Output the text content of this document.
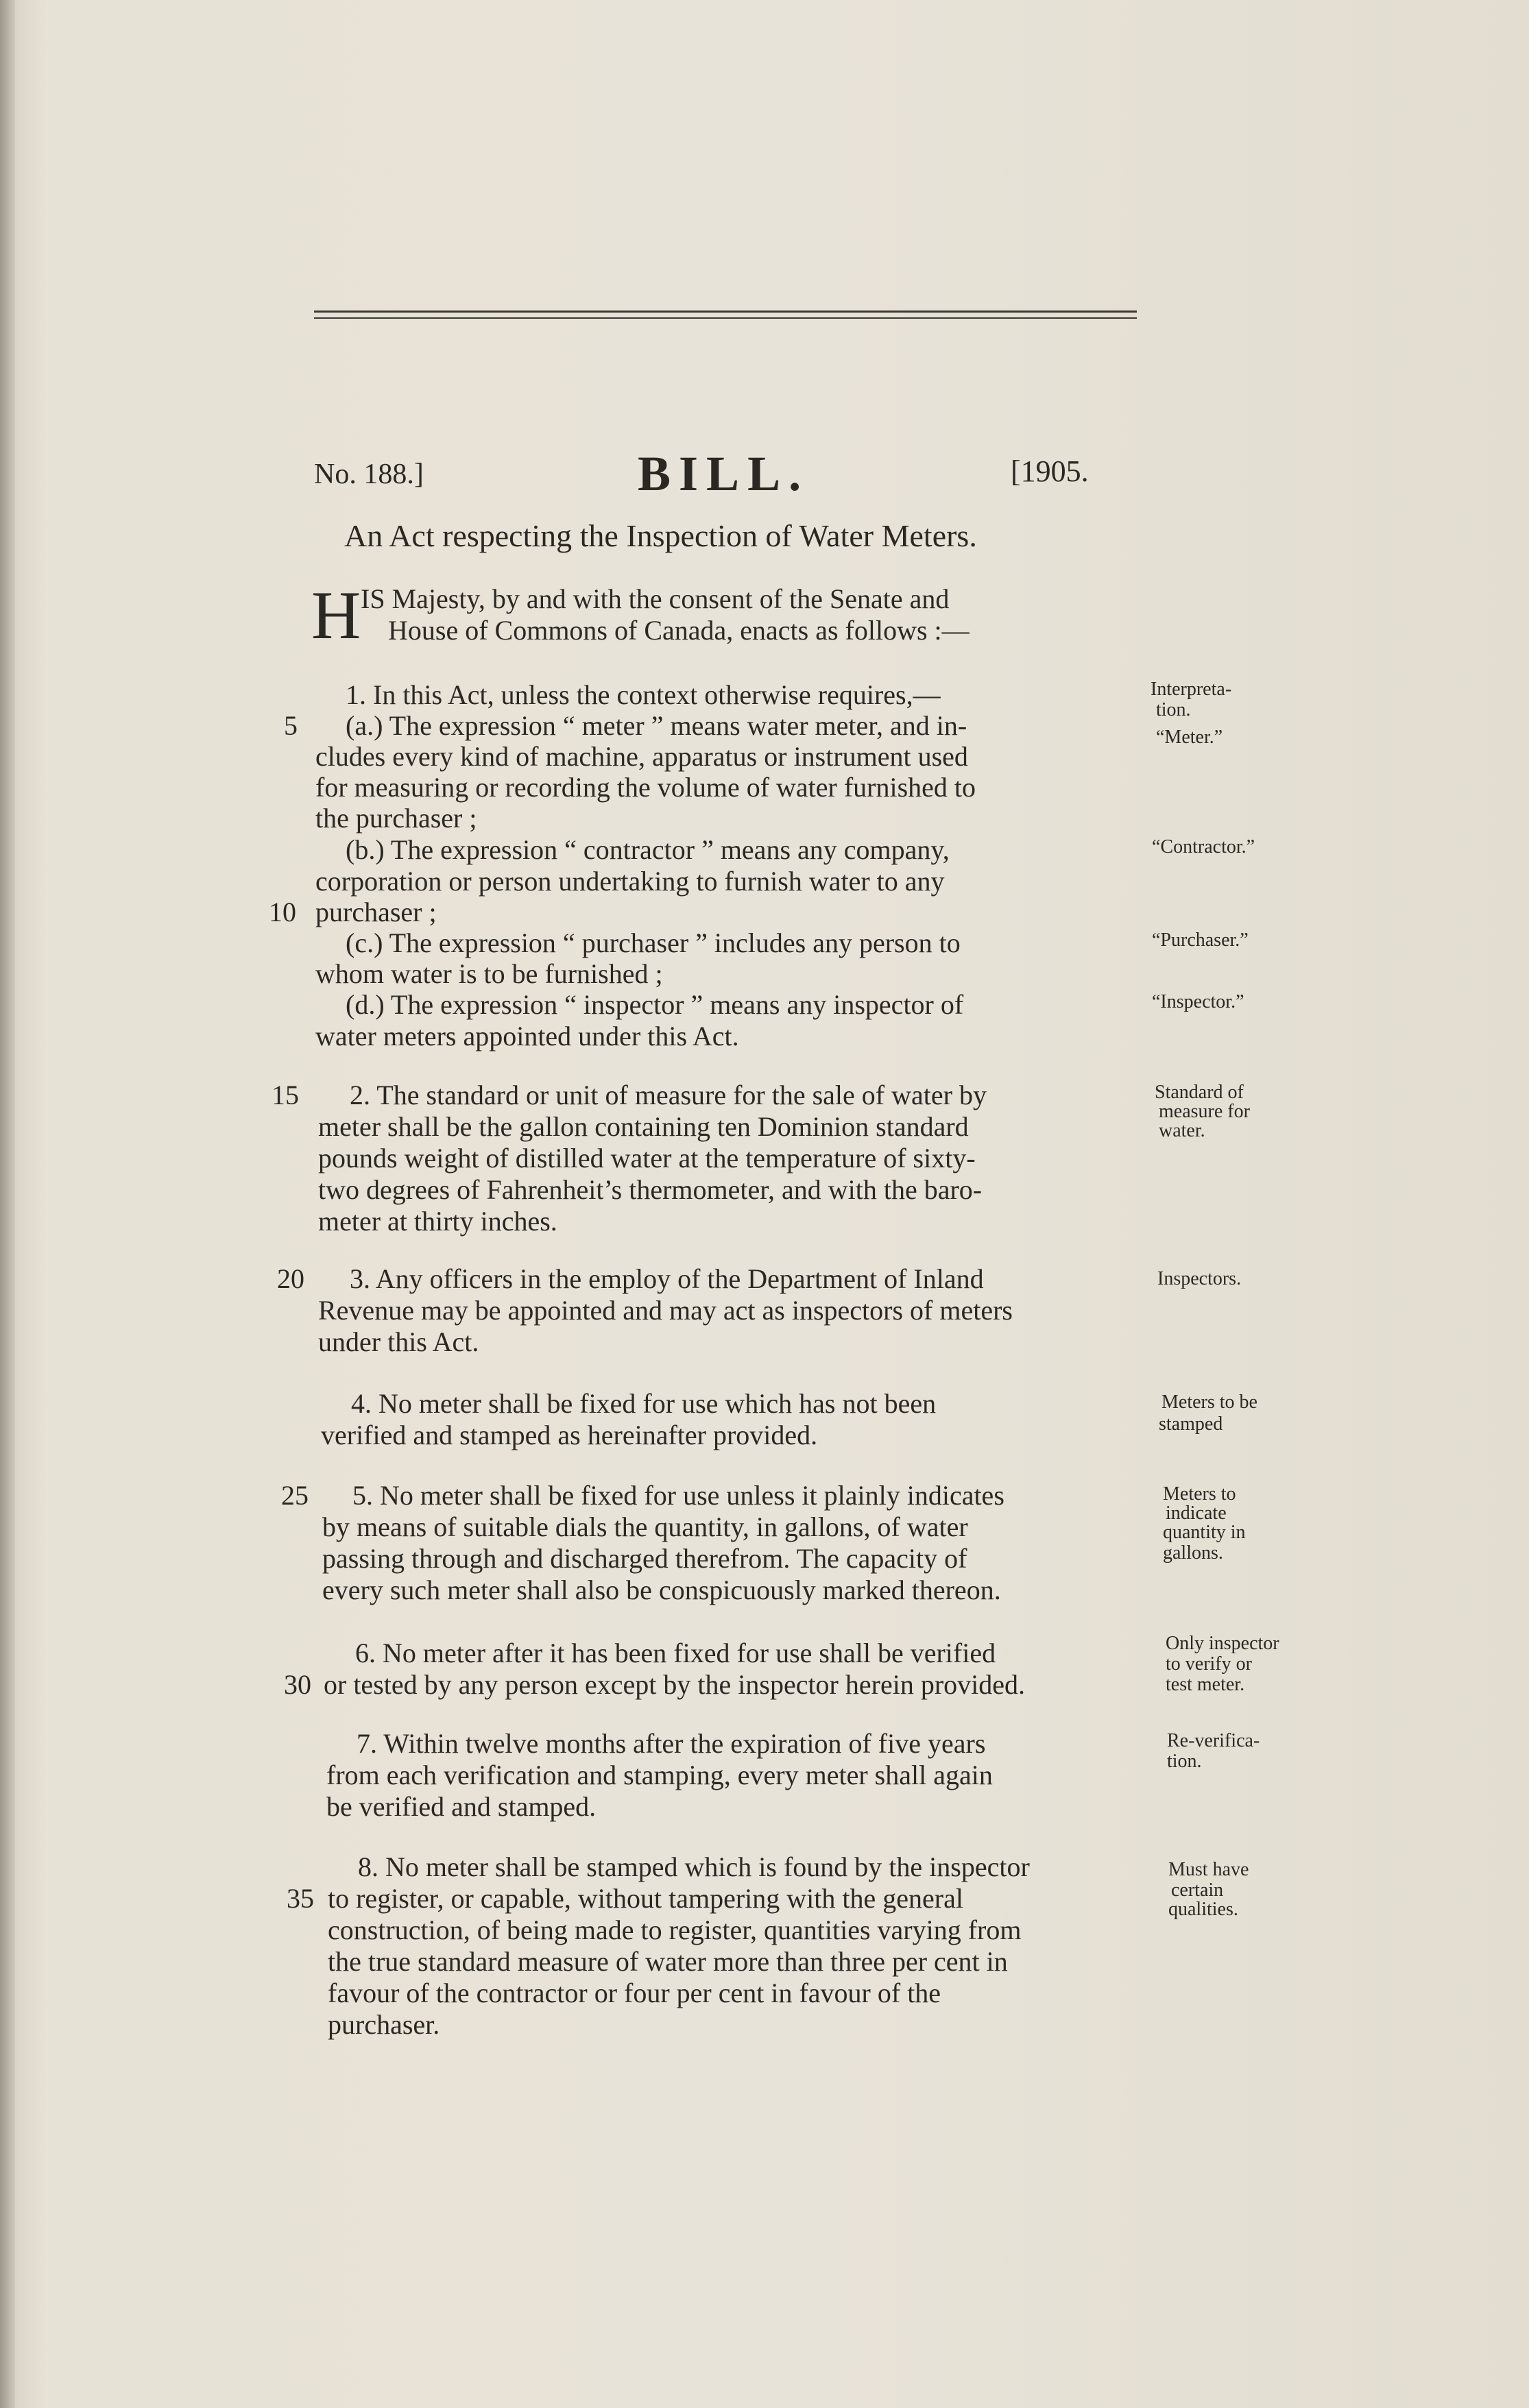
No. 188.]	BILL.	[1905.
An Act respecting the Inspection of Water Meters.
H IS Majesty, by and with the consent of the Senate and
House of Commons of Canada, enacts as follows :—
1. In this Act, unless the context otherwise requires,—
(a.) The expression “ meter ” means water meter, and in-
cludes every kind of machine, apparatus or instrument used
for measuring or recording the volume of water furnished to
the purchaser ;
(b.) The expression “ contractor ” means any company,
corporation or person undertaking to furnish water to any
purchaser ;
(c.) The expression “ purchaser ” includes any person to
whom water is to be furnished ;
(d.) The expression “ inspector ” means any inspector of
water meters appointed under this Act.
2. The standard or unit of measure for the sale of water by
meter shall be the gallon containing ten Dominion standard
pounds weight of distilled water at the temperature of sixty-
two degrees of Fahrenheit’s thermometer, and with the baro-
meter at thirty inches.
3. Any officers in the employ of the Department of Inland
Revenue may be appointed and may act as inspectors of meters
under this Act.
4. No meter shall be fixed for use which has not been
verified and stamped as hereinafter provided.
5. No meter shall be fixed for use unless it plainly indicates
by means of suitable dials the quantity, in gallons, of water
passing through and discharged therefrom. The capacity of
every such meter shall also be conspicuously marked thereon.
6. No meter after it has been fixed for use shall be verified
or tested by any person except by the inspector herein provided.
7. Within twelve months after the expiration of five years
from each verification and stamping, every meter shall again
be verified and stamped.
8. No meter shall be stamped which is found by the inspector
to register, or capable, without tampering with the general
construction, of being made to register, quantities varying from
the true standard measure of water more than three per cent in
favour of the contractor or four per cent in favour of the
purchaser.
5
10
15
20
25
30
35
Interpreta-
tion.
“Meter.”
“Contractor.”
“Purchaser.”
“Inspector.”
Standard of
measure for
water.
Inspectors.
Meters to be
stamped
Meters to
indicate
quantity in
gallons.
Only inspector
to verify or
test meter.
Re-verifica-
tion.
Must have
certain
qualities.
